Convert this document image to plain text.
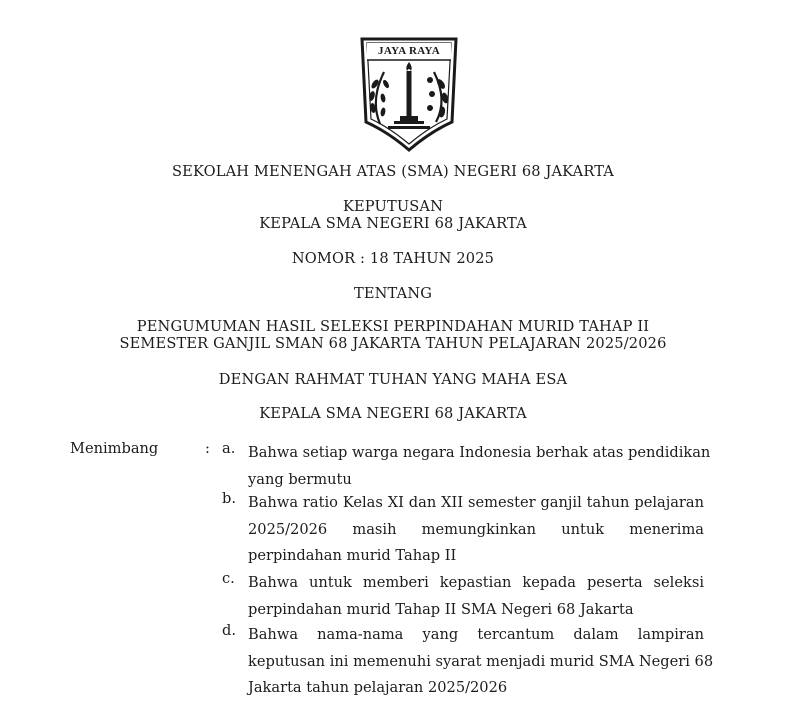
JAYA RAYA
SEKOLAH MENENGAH ATAS (SMA) NEGERI 68 JAKARTA
KEPUTUSAN
KEPALA SMA NEGERI 68 JAKARTA
NOMOR : 18 TAHUN 2025
TENTANG
PENGUMUMAN HASIL SELEKSI PERPINDAHAN MURID TAHAP II
SEMESTER GANJIL SMAN 68 JAKARTA TAHUN PELAJARAN 2025/2026
DENGAN RAHMAT TUHAN YANG MAHA ESA
KEPALA SMA NEGERI 68 JAKARTA
Menimbang	: a. Bahwa setiap warga negara Indonesia berhak atas pendidikan
yang bermutu
b. Bahwa ratio Kelas XI dan XII semester ganjil tahun pelajaran
2025/2026 masih memungkinkan untuk menerima
perpindahan murid Tahap II
c. Bahwa untuk memberi kepastian kepada peserta seleksi
perpindahan murid Tahap II SMA Negeri 68 Jakarta
d. Bahwa nama-nama yang tercantum dalam lampiran
keputusan ini memenuhi syarat menjadi murid SMA Negeri 68
Jakarta tahun pelajaran 2025/2026
